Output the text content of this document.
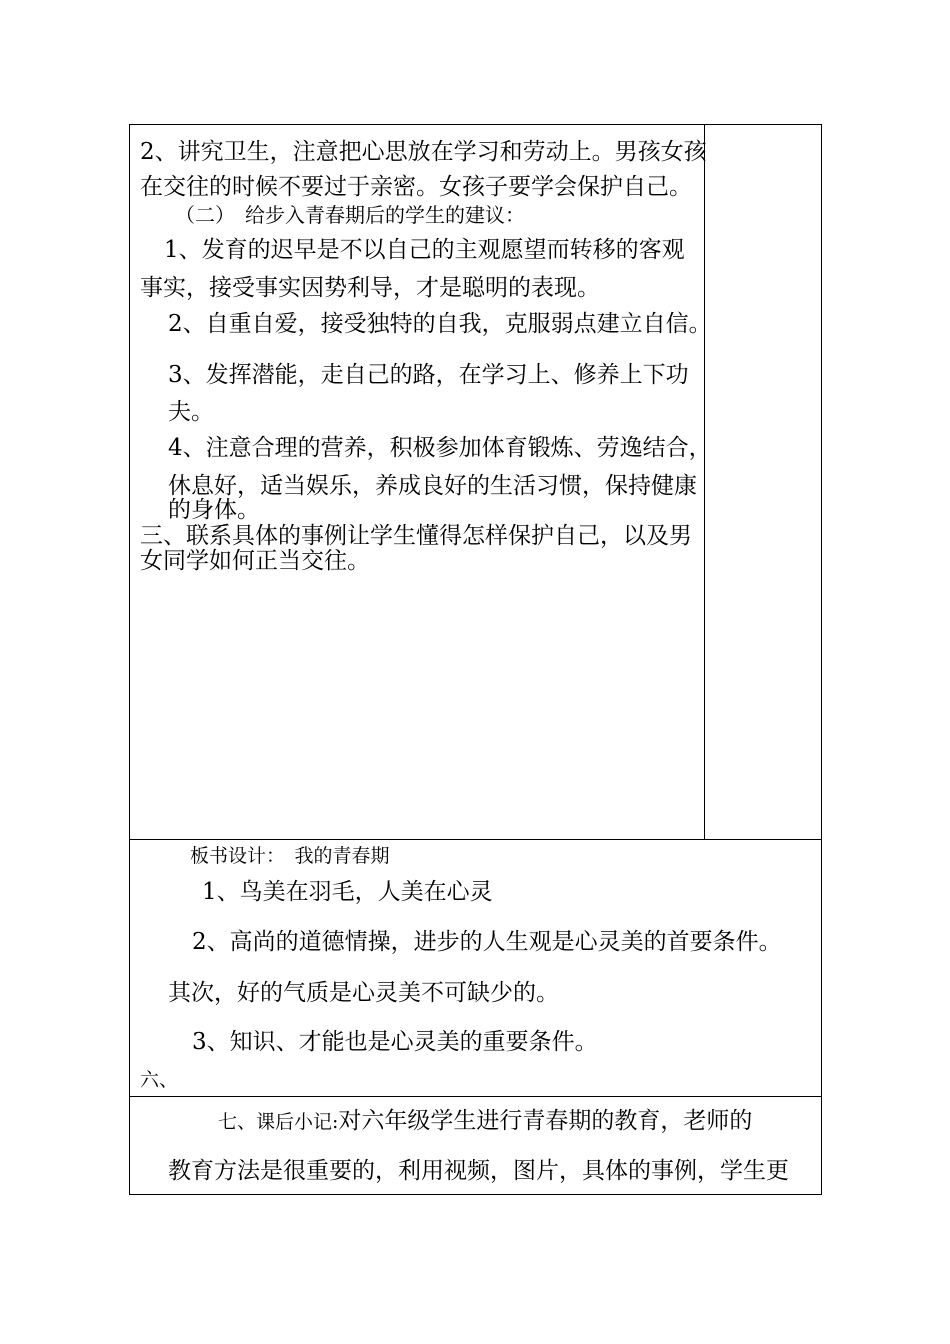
2、讲究卫生，注意把心思放在学习和劳动上。男孩女孩
在交往的时候不要过于亲密。女孩子要学会保护自己。
（二）　给步入青春期后的学生的建议：
1、发育的迟早是不以自己的主观愿望而转移的客观
事实，接受事实因势利导，才是聪明的表现。
2、自重自爱，接受独特的自我，克服弱点建立自信。
3、发挥潜能，走自己的路，在学习上、修养上下功
夫。
4、注意合理的营养，积极参加体育锻炼、劳逸结合，
休息好，适当娱乐，养成良好的生活习惯，保持健康
的身体。
三、联系具体的事例让学生懂得怎样保护自己，以及男
女同学如何正当交往。
板书设计：　我的青春期
1、鸟美在羽毛，人美在心灵
2、高尚的道德情操，进步的人生观是心灵美的首要条件。
其次，好的气质是心灵美不可缺少的。
3、知识、才能也是心灵美的重要条件。
六、
七、课后小记:对六年级学生进行青春期的教育，老师的
教育方法是很重要的，利用视频，图片，具体的事例，学生更
